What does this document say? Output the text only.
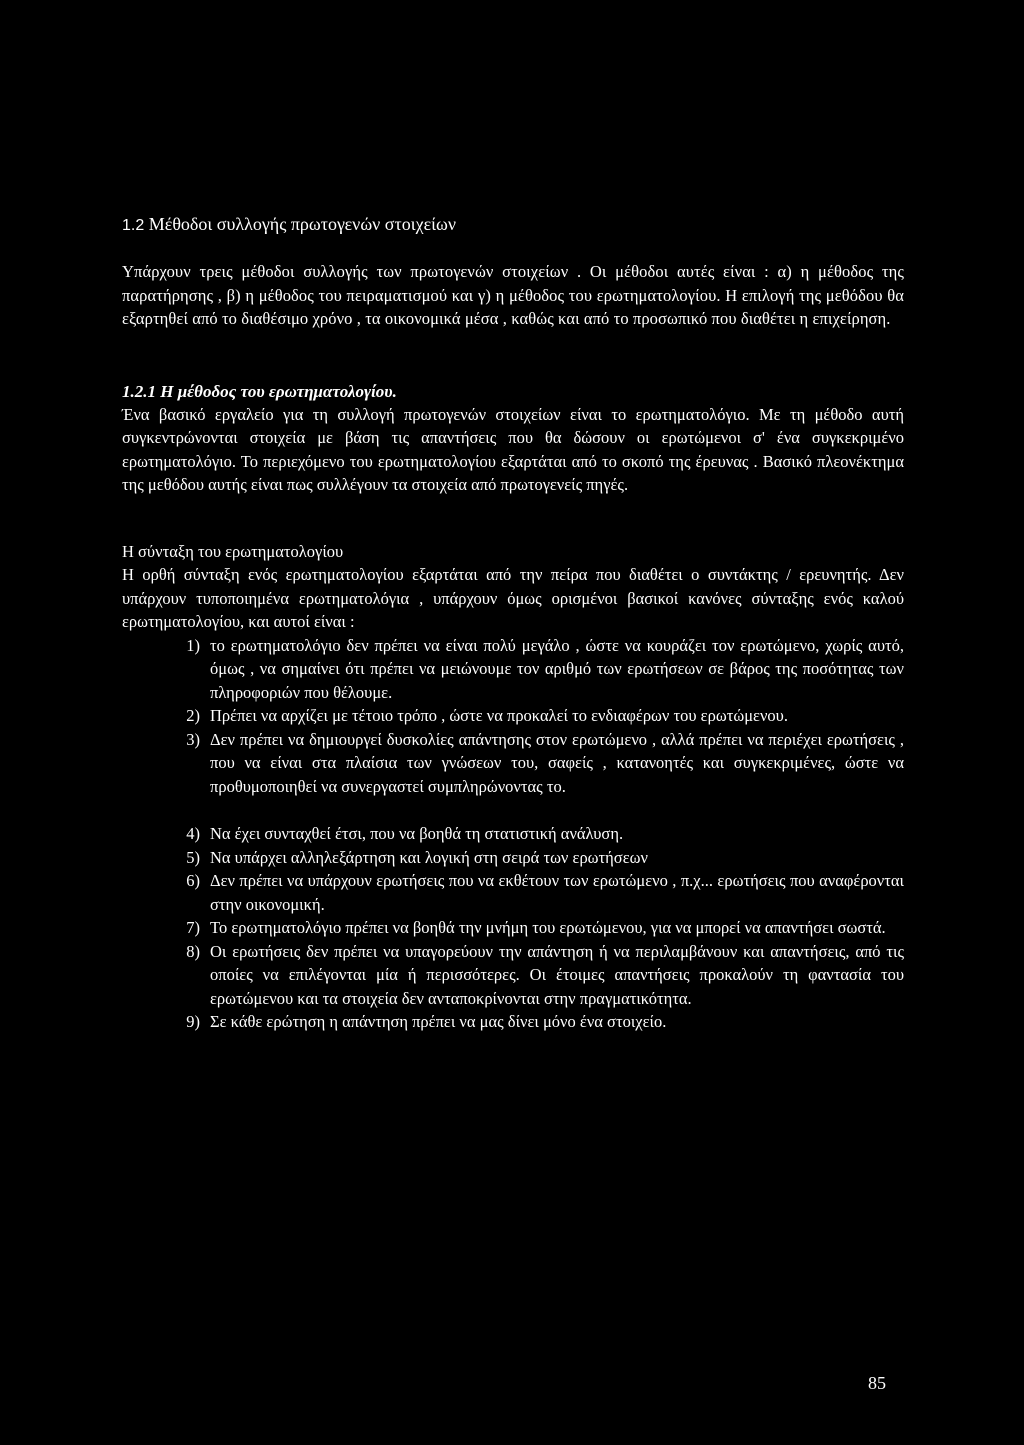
1.2 Μέθοδοι συλλογής πρωτογενών στοιχείων

Υπάρχουν τρεις μέθοδοι συλλογής των πρωτογενών στοιχείων . Οι μέθοδοι αυτές είναι : α) η μέθοδος της παρατήρησης , β) η μέθοδος του πειραματισμού και γ) η μέθοδος του ερωτηματολογίου. Η επιλογή της μεθόδου θα εξαρτηθεί από το διαθέσιμο χρόνο , τα οικονομικά μέσα , καθώς και από το προσωπικό που διαθέτει η επιχείρηση.

1.2.1 Η μέθοδος του ερωτηματολογίου.

Ένα βασικό εργαλείο για τη συλλογή πρωτογενών στοιχείων είναι το ερωτηματολόγιο. Με τη μέθοδο αυτή συγκεντρώνονται στοιχεία με βάση τις απαντήσεις που θα δώσουν οι ερωτώμενοι σ' ένα συγκεκριμένο ερωτηματολόγιο. Το περιεχόμενο του ερωτηματολογίου εξαρτάται από το σκοπό της έρευνας . Βασικό πλεονέκτημα της μεθόδου αυτής είναι πως συλλέγουν τα στοιχεία από πρωτογενείς πηγές.

Η σύνταξη του ερωτηματολογίου

Η ορθή σύνταξη ενός ερωτηματολογίου εξαρτάται από την πείρα που διαθέτει ο συντάκτης / ερευνητής. Δεν υπάρχουν τυποποιημένα ερωτηματολόγια , υπάρχουν όμως ορισμένοι βασικοί κανόνες σύνταξης ενός καλού ερωτηματολογίου, και αυτοί είναι :

1) το ερωτηματολόγιο δεν πρέπει να είναι πολύ μεγάλο , ώστε να κουράζει τον ερωτώμενο, χωρίς αυτό, όμως , να σημαίνει ότι πρέπει να μειώνουμε τον αριθμό των ερωτήσεων σε βάρος της ποσότητας των πληροφοριών που θέλουμε.
2) Πρέπει να αρχίζει με τέτοιο τρόπο , ώστε να προκαλεί το ενδιαφέρων του ερωτώμενου.
3) Δεν πρέπει να δημιουργεί δυσκολίες απάντησης στον ερωτώμενο , αλλά πρέπει να περιέχει ερωτήσεις , που να είναι στα πλαίσια των γνώσεων του, σαφείς , κατανοητές και συγκεκριμένες, ώστε να προθυμοποιηθεί να συνεργαστεί συμπληρώνοντας το.
4) Να έχει συνταχθεί έτσι, που να βοηθά τη στατιστική ανάλυση.
5) Να υπάρχει αλληλεξάρτηση και λογική στη σειρά των ερωτήσεων
6) Δεν πρέπει να υπάρχουν ερωτήσεις που να εκθέτουν των ερωτώμενο , π.χ... ερωτήσεις που αναφέρονται στην οικονομική.
7) Το ερωτηματολόγιο πρέπει να βοηθά την μνήμη του ερωτώμενου, για να μπορεί να απαντήσει σωστά.
8) Οι ερωτήσεις δεν πρέπει να υπαγορεύουν την απάντηση ή να περιλαμβάνουν και απαντήσεις, από τις οποίες να επιλέγονται μία ή περισσότερες. Οι έτοιμες απαντήσεις προκαλούν τη φαντασία του ερωτώμενου και τα στοιχεία δεν ανταποκρίνονται στην πραγματικότητα.
9) Σε κάθε ερώτηση η απάντηση πρέπει να μας δίνει μόνο ένα στοιχείο.
85
